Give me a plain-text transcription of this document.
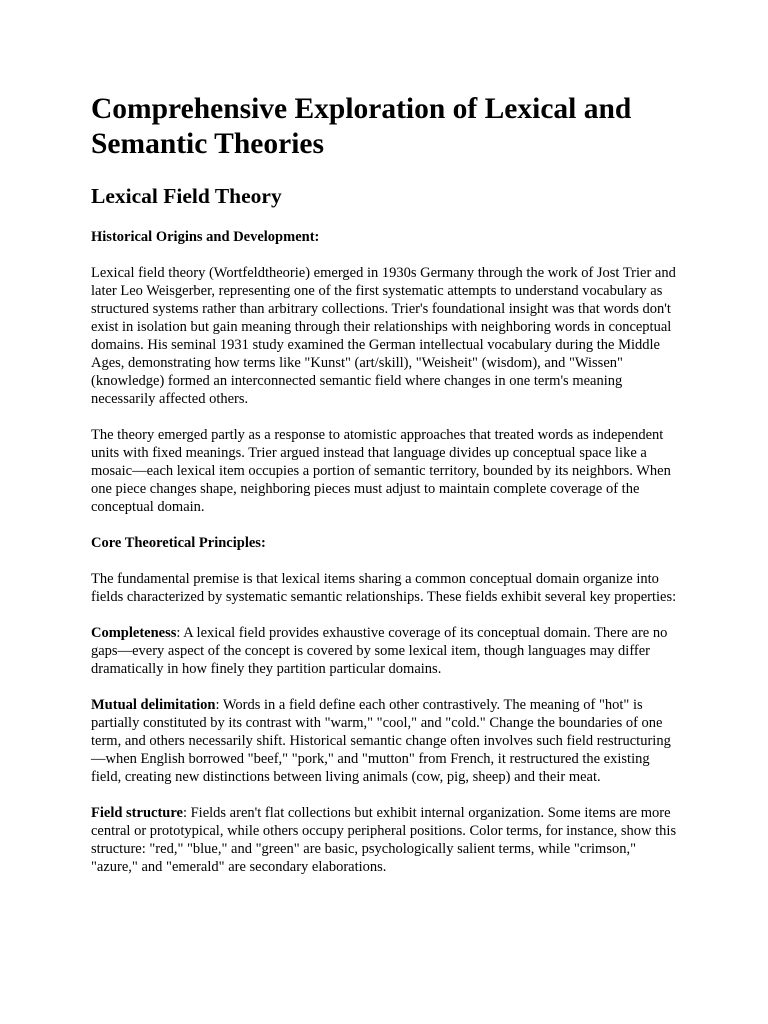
Comprehensive Exploration of Lexical and Semantic Theories
Lexical Field Theory
Historical Origins and Development:

Lexical field theory (Wortfeldtheorie) emerged in 1930s Germany through the work of Jost Trier and later Leo Weisgerber, representing one of the first systematic attempts to understand vocabulary as structured systems rather than arbitrary collections. Trier's foundational insight was that words don't exist in isolation but gain meaning through their relationships with neighboring words in conceptual domains. His seminal 1931 study examined the German intellectual vocabulary during the Middle Ages, demonstrating how terms like "Kunst" (art/skill), "Weisheit" (wisdom), and "Wissen" (knowledge) formed an interconnected semantic field where changes in one term's meaning necessarily affected others.

The theory emerged partly as a response to atomistic approaches that treated words as independent units with fixed meanings. Trier argued instead that language divides up conceptual space like a mosaic—each lexical item occupies a portion of semantic territory, bounded by its neighbors. When one piece changes shape, neighboring pieces must adjust to maintain complete coverage of the conceptual domain.

Core Theoretical Principles:

The fundamental premise is that lexical items sharing a common conceptual domain organize into fields characterized by systematic semantic relationships. These fields exhibit several key properties:

Completeness: A lexical field provides exhaustive coverage of its conceptual domain. There are no gaps—every aspect of the concept is covered by some lexical item, though languages may differ dramatically in how finely they partition particular domains.

Mutual delimitation: Words in a field define each other contrastively. The meaning of "hot" is partially constituted by its contrast with "warm," "cool," and "cold." Change the boundaries of one term, and others necessarily shift. Historical semantic change often involves such field restructuring—when English borrowed "beef," "pork," and "mutton" from French, it restructured the existing field, creating new distinctions between living animals (cow, pig, sheep) and their meat.

Field structure: Fields aren't flat collections but exhibit internal organization. Some items are more central or prototypical, while others occupy peripheral positions. Color terms, for instance, show this structure: "red," "blue," and "green" are basic, psychologically salient terms, while "crimson," "azure," and "emerald" are secondary elaborations.
